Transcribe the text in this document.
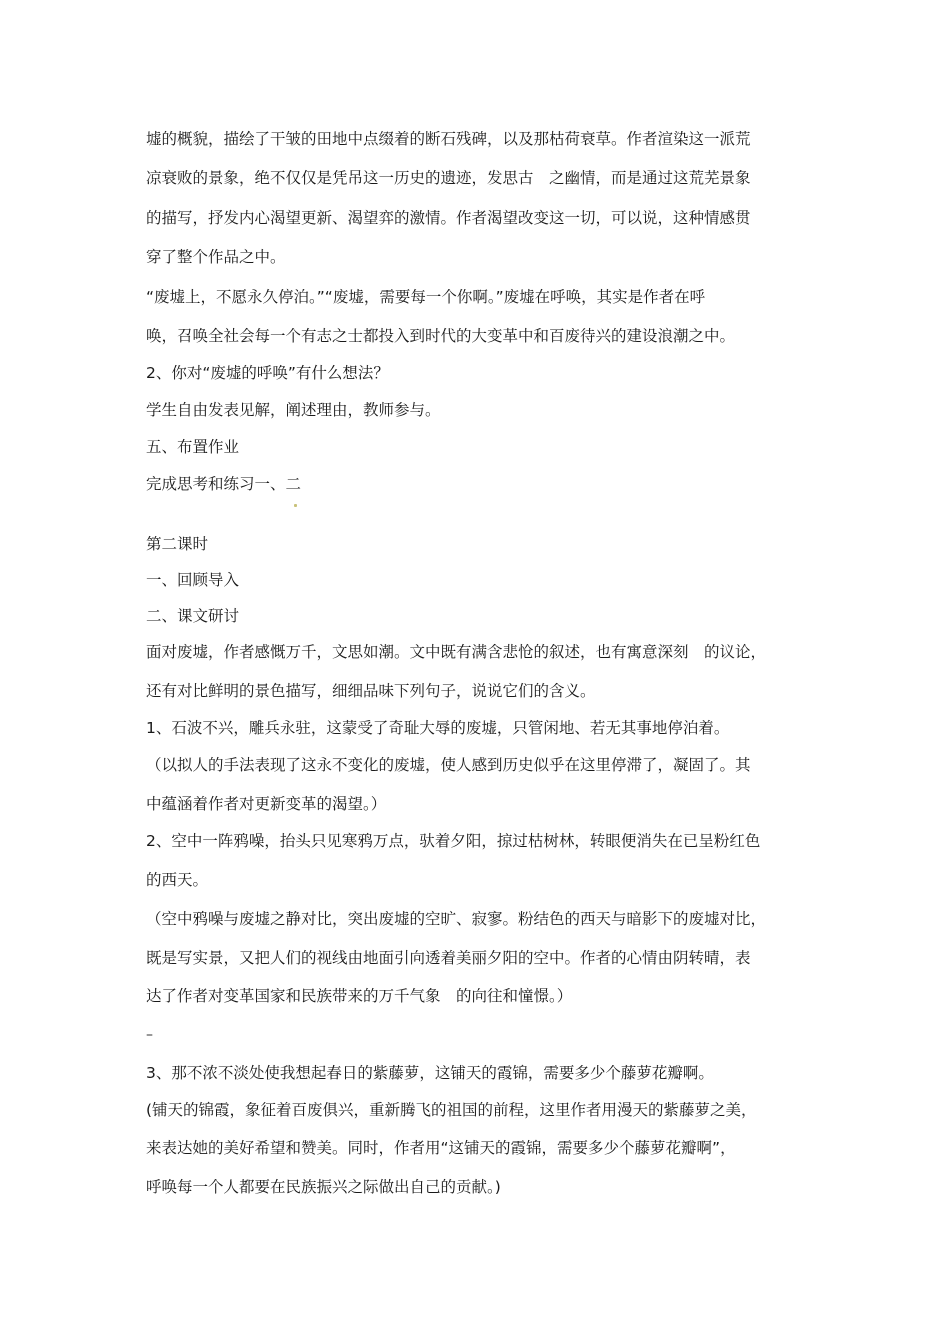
墟的概貌，描绘了干皱的田地中点缀着的断石残碑，以及那枯荷衰草。作者渲染这一派荒
凉衰败的景象，绝不仅仅是凭吊这一历史的遗迹，发思古　之幽情，而是通过这荒芜景象
的描写，抒发内心渴望更新、渴望弈的激情。作者渴望改变这一切，可以说，这种情感贯
穿了整个作品之中。
“废墟上，不愿永久停泊。”“废墟，需要每一个你啊。”废墟在呼唤，其实是作者在呼
唤，召唤全社会每一个有志之士都投入到时代的大变革中和百废待兴的建设浪潮之中。
2、你对“废墟的呼唤”有什么想法？
学生自由发表见解，阐述理由，教师参与。
五、布置作业
完成思考和练习一、二
第二课时
一、回顾导入
二、课文研讨
面对废墟，作者感慨万千，文思如潮。文中既有满含悲怆的叙述，也有寓意深刻　的议论，
还有对比鲜明的景色描写，细细品味下列句子，说说它们的含义。
1、石波不兴，雕兵永驻，这蒙受了奇耻大辱的废墟，只管闲地、若无其事地停泊着。
（以拟人的手法表现了这永不变化的废墟，使人感到历史似乎在这里停滞了，凝固了。其
中蕴涵着作者对更新变革的渴望。）
2、空中一阵鸦噪，抬头只见寒鸦万点，驮着夕阳，掠过枯树林，转眼便消失在已呈粉红色
的西天。
（空中鸦噪与废墟之静对比，突出废墟的空旷、寂寥。粉结色的西天与暗影下的废墟对比，
既是写实景，又把人们的视线由地面引向透着美丽夕阳的空中。作者的心情由阴转晴，表
达了作者对变革国家和民族带来的万千气象　的向往和憧憬。）
–
3、那不浓不淡处使我想起春日的紫藤萝，这铺天的霞锦，需要多少个藤萝花瓣啊。
(铺天的锦霞，象征着百废俱兴，重新腾飞的祖国的前程，这里作者用漫天的紫藤萝之美，
来表达她的美好希望和赞美。同时，作者用“这铺天的霞锦，需要多少个藤萝花瓣啊”，
呼唤每一个人都要在民族振兴之际做出自己的贡献。)
